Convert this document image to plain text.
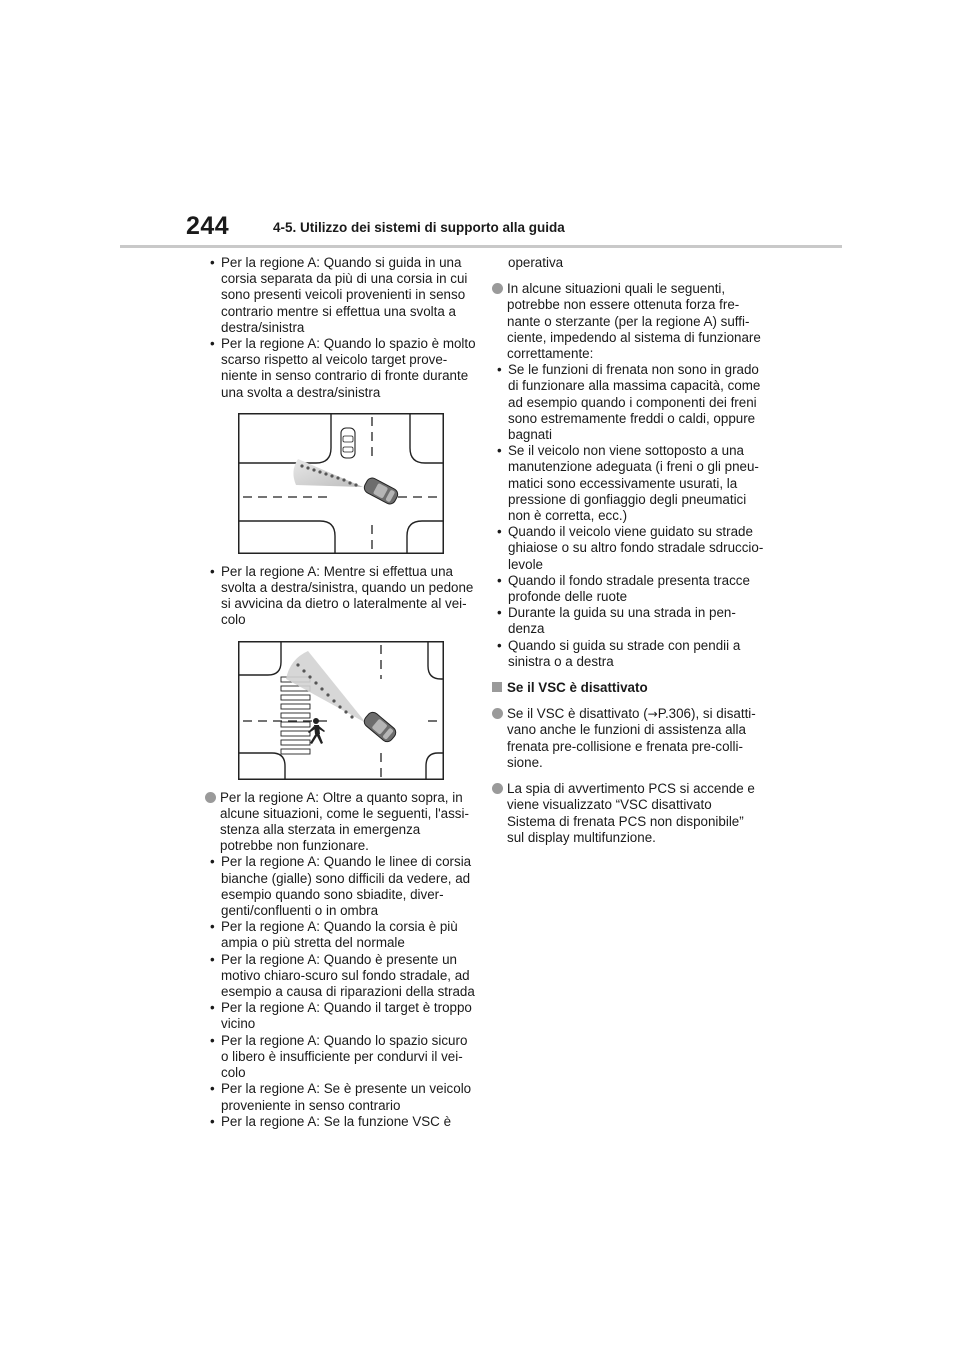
244	4-5. Utilizzo dei sistemi di supporto alla guida
• Per la regione A: Quando si guida in una
corsia separata da più di una corsia in cui
sono presenti veicoli provenienti in senso
contrario mentre si effettua una svolta a
destra/sinistra
• Per la regione A: Quando lo spazio è molto
scarso rispetto al veicolo target prove-
niente in senso contrario di fronte durante
una svolta a destra/sinistra
• Per la regione A: Mentre si effettua una
svolta a destra/sinistra, quando un pedone
si avvicina da dietro o lateralmente al vei-
colo
Per la regione A: Oltre a quanto sopra, in
alcune situazioni, come le seguenti, l'assi-
stenza alla sterzata in emergenza
potrebbe non funzionare.
• Per la regione A: Quando le linee di corsia
bianche (gialle) sono difficili da vedere, ad
esempio quando sono sbiadite, diver-
genti/confluenti o in ombra
• Per la regione A: Quando la corsia è più
ampia o più stretta del normale
• Per la regione A: Quando è presente un
motivo chiaro-scuro sul fondo stradale, ad
esempio a causa di riparazioni della strada
• Per la regione A: Quando il target è troppo
vicino
• Per la regione A: Quando lo spazio sicuro
o libero è insufficiente per condurvi il vei-
colo
• Per la regione A: Se è presente un veicolo
proveniente in senso contrario
• Per la regione A: Se la funzione VSC è
operativa
In alcune situazioni quali le seguenti,
potrebbe non essere ottenuta forza fre-
nante o sterzante (per la regione A) suffi-
ciente, impedendo al sistema di funzionare
correttamente:
• Se le funzioni di frenata non sono in grado
di funzionare alla massima capacità, come
ad esempio quando i componenti dei freni
sono estremamente freddi o caldi, oppure
bagnati
• Se il veicolo non viene sottoposto a una
manutenzione adeguata (i freni o gli pneu-
matici sono eccessivamente usurati, la
pressione di gonfiaggio degli pneumatici
non è corretta, ecc.)
• Quando il veicolo viene guidato su strade
ghiaiose o su altro fondo stradale sdruccio-
levole
• Quando il fondo stradale presenta tracce
profonde delle ruote
• Durante la guida su una strada in pen-
denza
• Quando si guida su strade con pendii a
sinistra o a destra
Se il VSC è disattivato
Se il VSC è disattivato (→P.306), si disatti-
vano anche le funzioni di assistenza alla
frenata pre-collisione e frenata pre-colli-
sione.
La spia di avvertimento PCS si accende e
viene visualizzato “VSC disattivato
Sistema di frenata PCS non disponibile”
sul display multifunzione.
